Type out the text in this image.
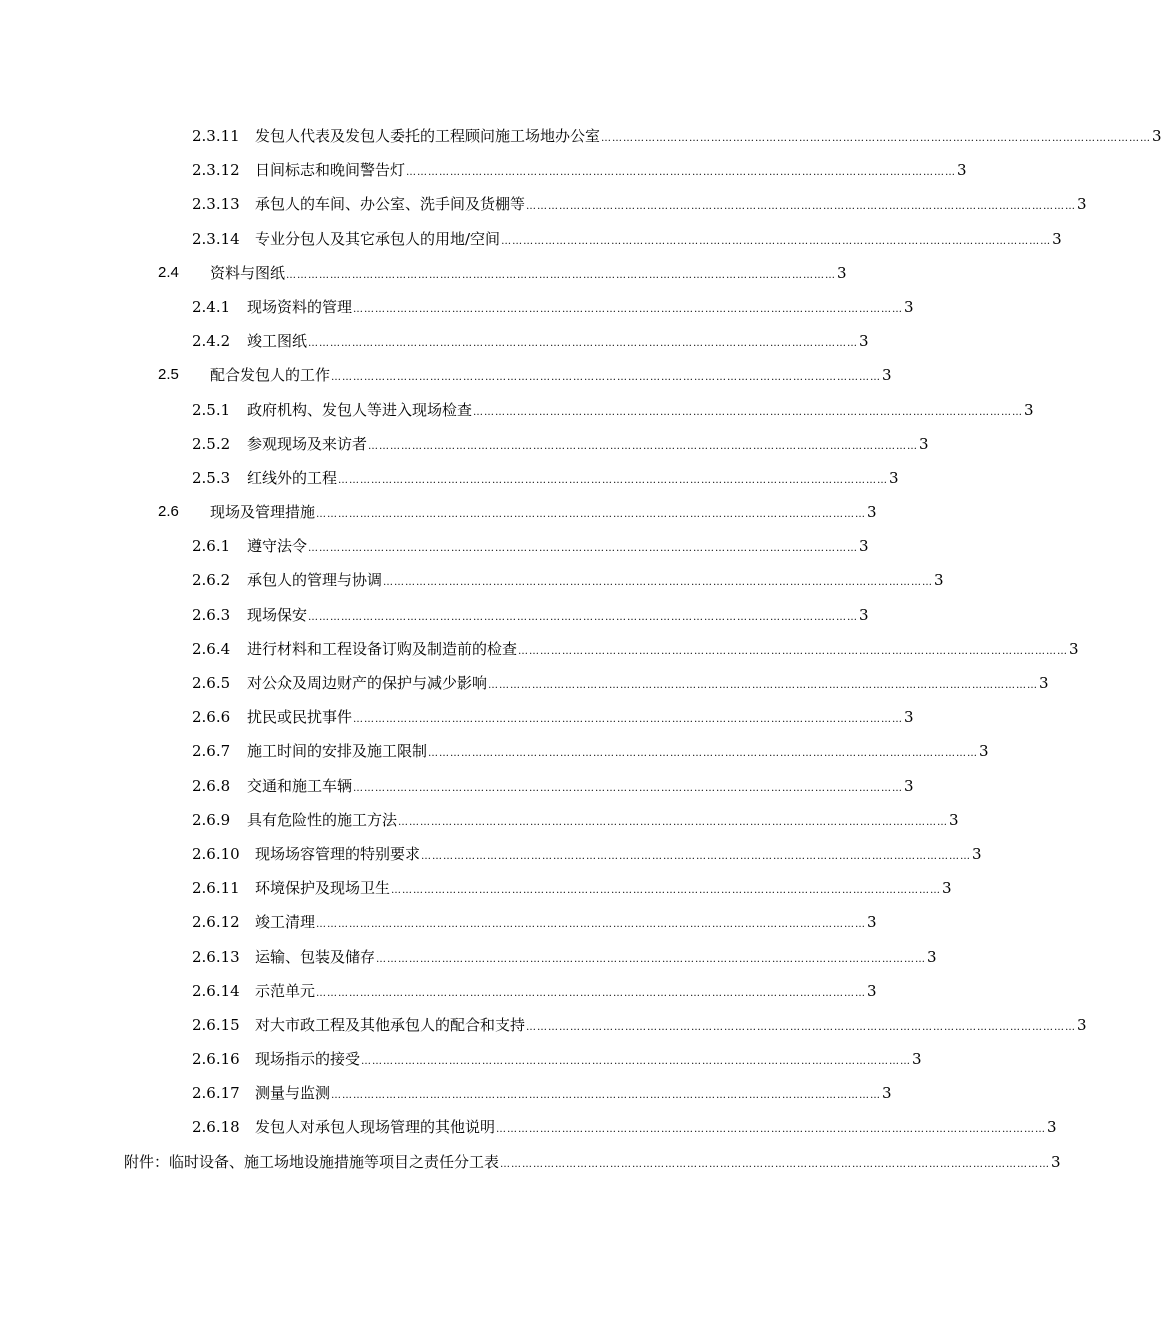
2.3.11 发包人代表及发包人委托的工程顾问施工场地办公室 …………………………………………………………………………………………………………………………………… 3
2.3.12 日间标志和晚间警告灯 …………………………………………………………………………………………………………………………………… 3
2.3.13 承包人的车间、办公室、洗手间及货棚等 …………………………………………………………………………………………………………………………………… 3
2.3.14 专业分包人及其它承包人的用地/空间 …………………………………………………………………………………………………………………………………… 3
2.4 资料与图纸 …………………………………………………………………………………………………………………………………… 3
2.4.1 现场资料的管理 …………………………………………………………………………………………………………………………………… 3
2.4.2 竣工图纸 …………………………………………………………………………………………………………………………………… 3
2.5 配合发包人的工作 …………………………………………………………………………………………………………………………………… 3
2.5.1 政府机构、发包人等进入现场检查 …………………………………………………………………………………………………………………………………… 3
2.5.2 参观现场及来访者 …………………………………………………………………………………………………………………………………… 3
2.5.3 红线外的工程 …………………………………………………………………………………………………………………………………… 3
2.6 现场及管理措施 …………………………………………………………………………………………………………………………………… 3
2.6.1 遵守法令 …………………………………………………………………………………………………………………………………… 3
2.6.2 承包人的管理与协调 …………………………………………………………………………………………………………………………………… 3
2.6.3 现场保安 …………………………………………………………………………………………………………………………………… 3
2.6.4 进行材料和工程设备订购及制造前的检查 …………………………………………………………………………………………………………………………………… 3
2.6.5 对公众及周边财产的保护与减少影响 …………………………………………………………………………………………………………………………………… 3
2.6.6 扰民或民扰事件 …………………………………………………………………………………………………………………………………… 3
2.6.7 施工时间的安排及施工限制 …………………………………………………………………………………………………………………………………… 3
2.6.8 交通和施工车辆 …………………………………………………………………………………………………………………………………… 3
2.6.9 具有危险性的施工方法 …………………………………………………………………………………………………………………………………… 3
2.6.10 现场场容管理的特别要求 …………………………………………………………………………………………………………………………………… 3
2.6.11 环境保护及现场卫生 …………………………………………………………………………………………………………………………………… 3
2.6.12 竣工清理 …………………………………………………………………………………………………………………………………… 3
2.6.13 运输、包装及储存 …………………………………………………………………………………………………………………………………… 3
2.6.14 示范单元 …………………………………………………………………………………………………………………………………… 3
2.6.15 对大市政工程及其他承包人的配合和支持 …………………………………………………………………………………………………………………………………… 3
2.6.16 现场指示的接受 …………………………………………………………………………………………………………………………………… 3
2.6.17 测量与监测 …………………………………………………………………………………………………………………………………… 3
2.6.18 发包人对承包人现场管理的其他说明 …………………………………………………………………………………………………………………………………… 3
附件：临时设备、施工场地设施措施等项目之责任分工表 …………………………………………………………………………………………………………………………………… 3
